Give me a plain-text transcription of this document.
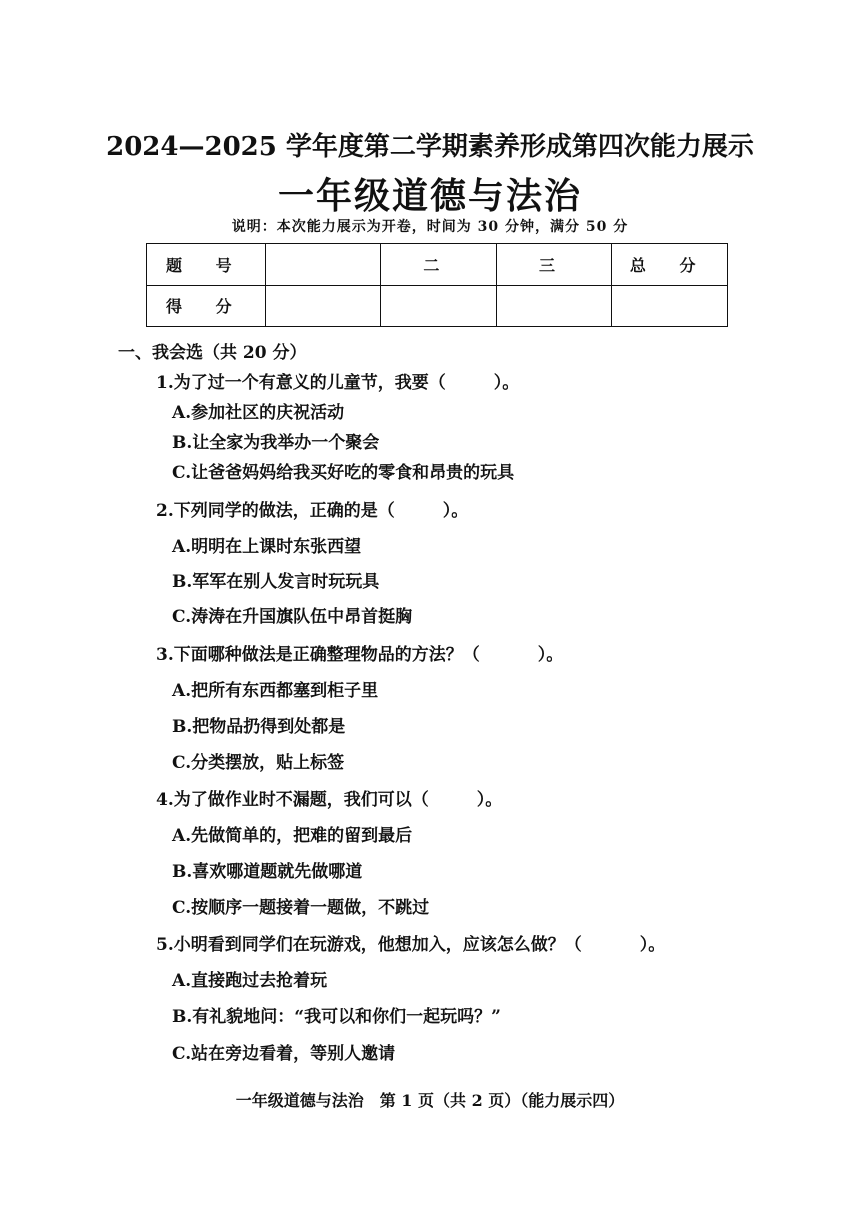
2024—2025 学年度第二学期素养形成第四次能力展示
一年级道德与法治
说明：本次能力展示为开卷，时间为 30 分钟，满分 50 分
题 号		二	三	总 分
得 分				
一、我会选（共 20 分）
1.为了过一个有意义的儿童节，我要（	）。
A.参加社区的庆祝活动
B.让全家为我举办一个聚会
C.让爸爸妈妈给我买好吃的零食和昂贵的玩具
2.下列同学的做法，正确的是（	）。
A.明明在上课时东张西望
B.军军在别人发言时玩玩具
C.涛涛在升国旗队伍中昂首挺胸
3.下面哪种做法是正确整理物品的方法？（	）。
A.把所有东西都塞到柜子里
B.把物品扔得到处都是
C.分类摆放，贴上标签
4.为了做作业时不漏题，我们可以（	）。
A.先做简单的，把难的留到最后
B.喜欢哪道题就先做哪道
C.按顺序一题接着一题做，不跳过
5.小明看到同学们在玩游戏，他想加入，应该怎么做？（	）。
A.直接跑过去抢着玩
B.有礼貌地问：“我可以和你们一起玩吗？”
C.站在旁边看着，等别人邀请
一年级道德与法治　第 1 页（共 2 页）（能力展示四）
